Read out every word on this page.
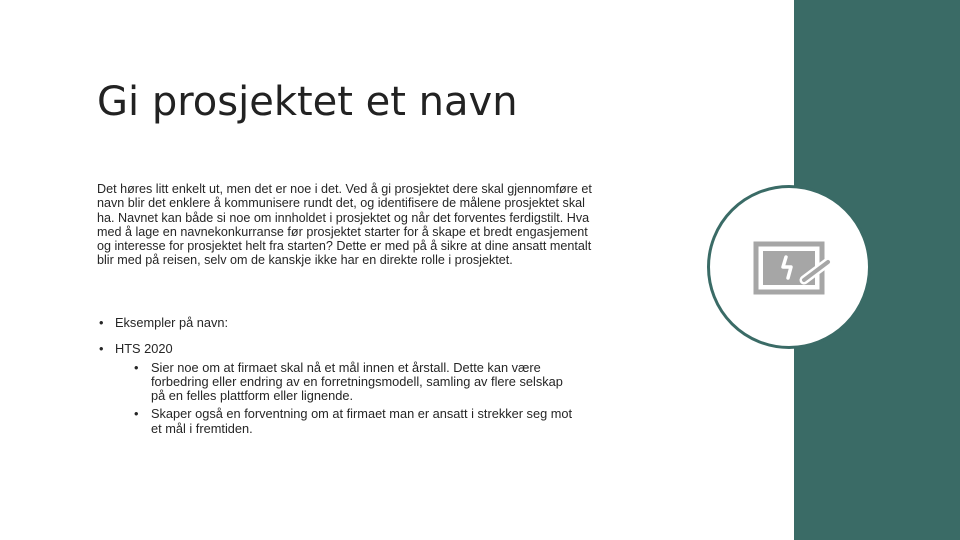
Gi prosjektet et navn

Det høres litt enkelt ut, men det er noe i det. Ved å gi prosjektet dere skal gjennomføre et navn blir det enklere å kommunisere rundt det, og identifisere de målene prosjektet skal ha. Navnet kan både si noe om innholdet i prosjektet og når det forventes ferdigstilt. Hva med å lage en navnekonkurranse før prosjektet starter for å skape et bredt engasjement og interesse for prosjektet helt fra starten? Dette er med på å sikre at dine ansatt mentalt blir med på reisen, selv om de kanskje ikke har en direkte rolle i prosjektet.

• Eksempler på navn:
• HTS 2020
• Sier noe om at firmaet skal nå et mål innen et årstall. Dette kan være forbedring eller endring av en forretningsmodell, samling av flere selskap på en felles plattform eller lignende.
• Skaper også en forventning om at firmaet man er ansatt i strekker seg mot et mål i fremtiden.
